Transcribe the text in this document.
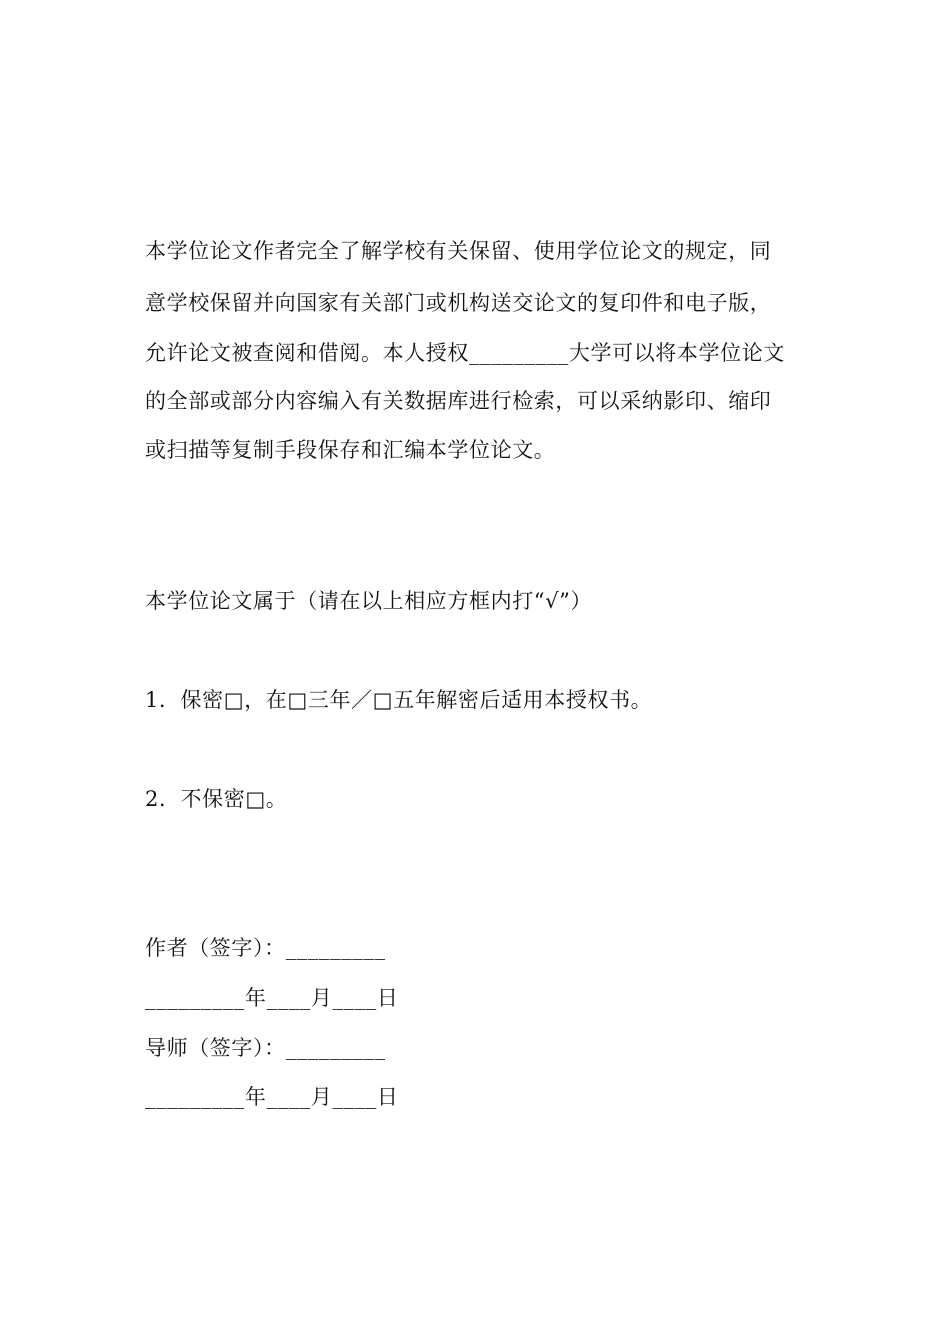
本学位论文作者完全了解学校有关保留、使用学位论文的规定，同
意学校保留并向国家有关部门或机构送交论文的复印件和电子版，
允许论文被查阅和借阅。本人授权_________大学可以将本学位论文
的全部或部分内容编入有关数据库进行检索，可以采纳影印、缩印
或扫描等复制手段保存和汇编本学位论文。
本学位论文属于（请在以上相应方框内打“√”）
1．保密□，在□三年／□五年解密后适用本授权书。
2．不保密□。
作者（签字）：_________
_________年____月____日
导师（签字）：_________
_________年____月____日
